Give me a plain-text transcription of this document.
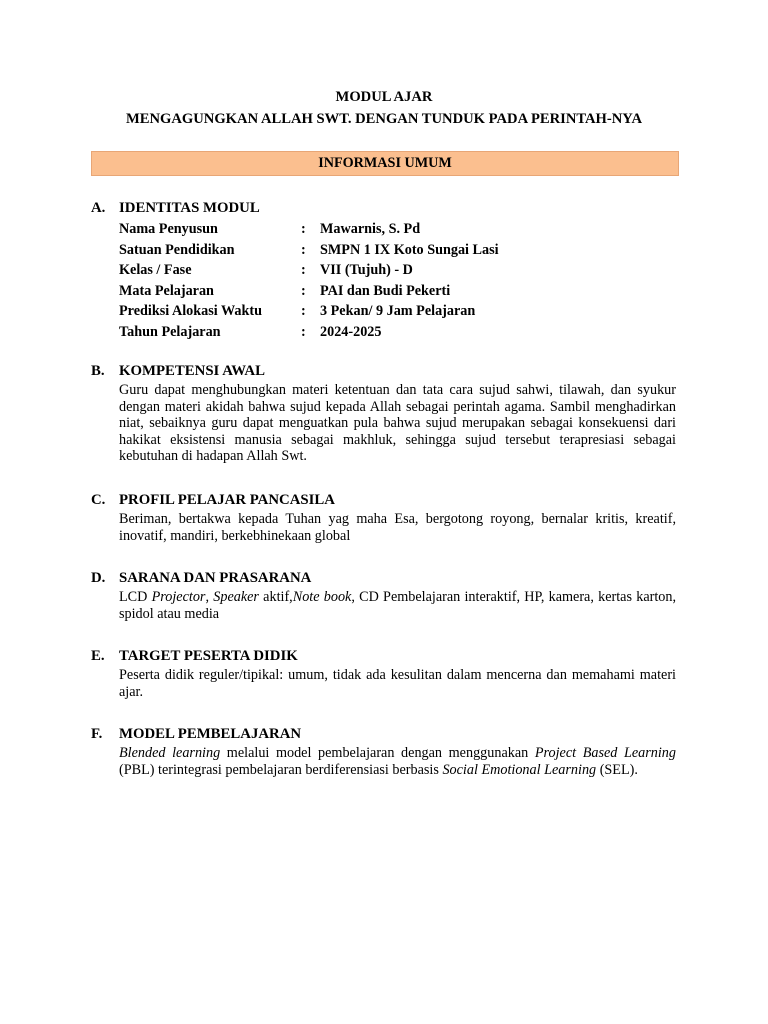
MODUL AJAR
MENGAGUNGKAN ALLAH SWT. DENGAN TUNDUK PADA PERINTAH-NYA
INFORMASI UMUM
A. IDENTITAS MODUL
Nama Penyusun	:	Mawarnis, S. Pd
Satuan Pendidikan	:	SMPN 1 IX Koto Sungai Lasi
Kelas / Fase	:	VII (Tujuh) - D
Mata Pelajaran	:	PAI dan Budi Pekerti
Prediksi Alokasi Waktu	:	3 Pekan/ 9 Jam Pelajaran
Tahun Pelajaran	:	2024-2025
B. KOMPETENSI AWAL
Guru dapat menghubungkan materi ketentuan dan tata cara sujud sahwi, tilawah, dan syukur dengan materi akidah bahwa sujud kepada Allah sebagai perintah agama. Sambil menghadirkan niat, sebaiknya guru dapat menguatkan pula bahwa sujud merupakan sebagai konsekuensi dari hakikat eksistensi manusia sebagai makhluk, sehingga sujud tersebut terapresiasi sebagai kebutuhan di hadapan Allah Swt.
C. PROFIL PELAJAR PANCASILA
Beriman, bertakwa kepada Tuhan yag maha Esa, bergotong royong, bernalar kritis, kreatif, inovatif, mandiri, berkebhinekaan global
D. SARANA DAN PRASARANA
LCD Projector, Speaker aktif,Note book, CD Pembelajaran interaktif, HP, kamera, kertas karton, spidol atau media
E. TARGET PESERTA DIDIK
Peserta didik reguler/tipikal: umum, tidak ada kesulitan dalam mencerna dan memahami materi ajar.
F.	MODEL PEMBELAJARAN
Blended learning melalui model pembelajaran dengan menggunakan Project Based Learning (PBL) terintegrasi pembelajaran berdiferensiasi berbasis Social Emotional Learning (SEL).
